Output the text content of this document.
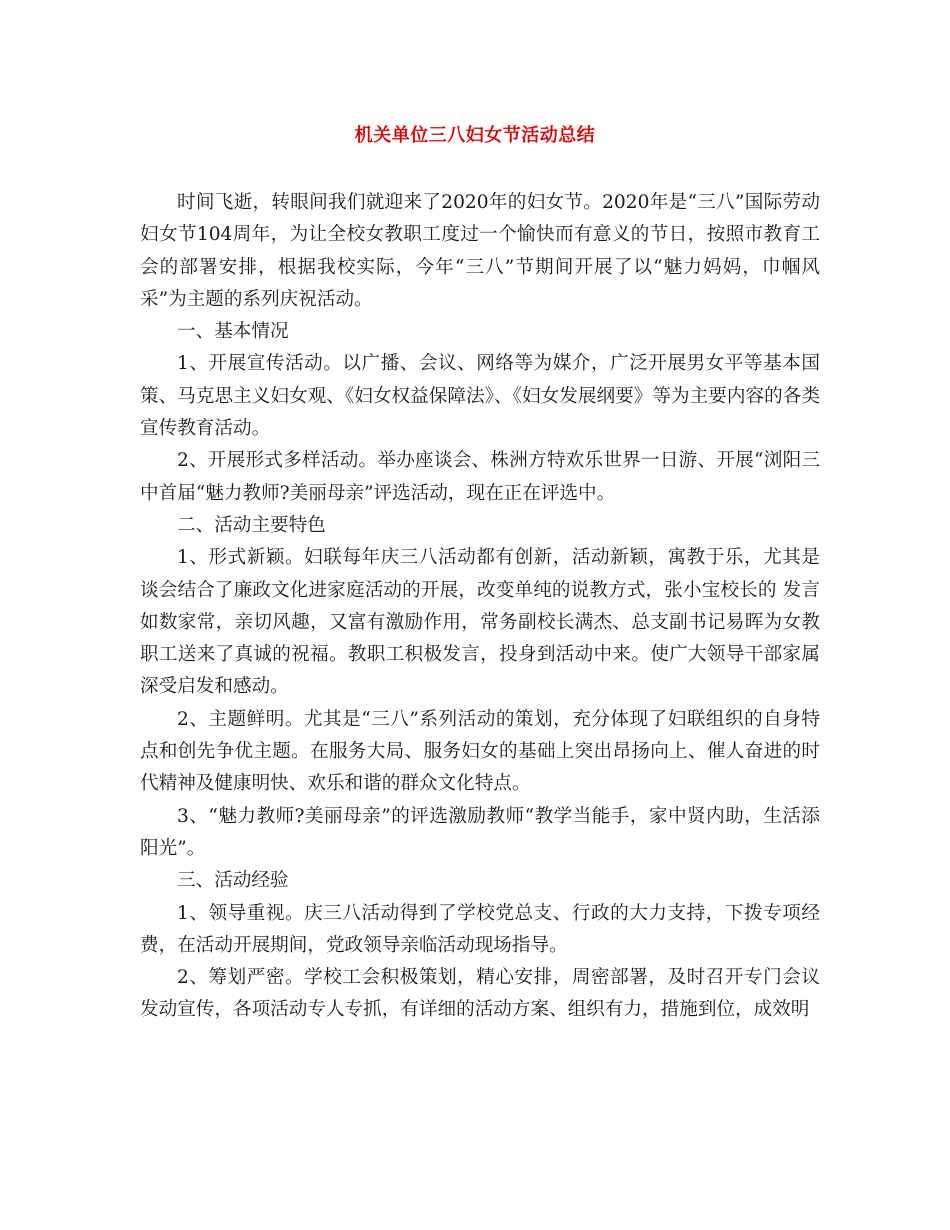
机关单位三八妇女节活动总结

时间飞逝，转眼间我们就迎来了2020年的妇女节。2020年是“三八”国际劳动妇女节104周年，为让全校女教职工度过一个愉快而有意义的节日，按照市教育工会的部署安排，根据我校实际，今年“三八”节期间开展了以“魅力妈妈，巾帼风采”为主题的系列庆祝活动。

一、基本情况

1、开展宣传活动。以广播、会议、网络等为媒介，广泛开展男女平等基本国策、马克思主义妇女观、《妇女权益保障法》、《妇女发展纲要》等为主要内容的各类宣传教育活动。

2、开展形式多样活动。举办座谈会、株洲方特欢乐世界一日游、开展“浏阳三中首届“魅力教师?美丽母亲”评选活动，现在正在评选中。

二、活动主要特色

1、形式新颖。妇联每年庆三八活动都有创新，活动新颖，寓教于乐，尤其是谈会结合了廉政文化进家庭活动的开展，改变单纯的说教方式，张小宝校长的 发言如数家常，亲切风趣，又富有激励作用，常务副校长满杰、总支副书记易晖为女教职工送来了真诚的祝福。教职工积极发言，投身到活动中来。使广大领导干部家属深受启发和感动。

2、主题鲜明。尤其是“三八”系列活动的策划，充分体现了妇联组织的自身特点和创先争优主题。在服务大局、服务妇女的基础上突出昂扬向上、催人奋进的时代精神及健康明快、欢乐和谐的群众文化特点。

3、“魅力教师?美丽母亲”的评选激励教师“教学当能手，家中贤内助，生活添阳光”。

三、活动经验

1、领导重视。庆三八活动得到了学校党总支、行政的大力支持，下拨专项经费，在活动开展期间，党政领导亲临活动现场指导。

2、筹划严密。学校工会积极策划，精心安排，周密部署，及时召开专门会议发动宣传，各项活动专人专抓，有详细的活动方案、组织有力，措施到位，成效明
